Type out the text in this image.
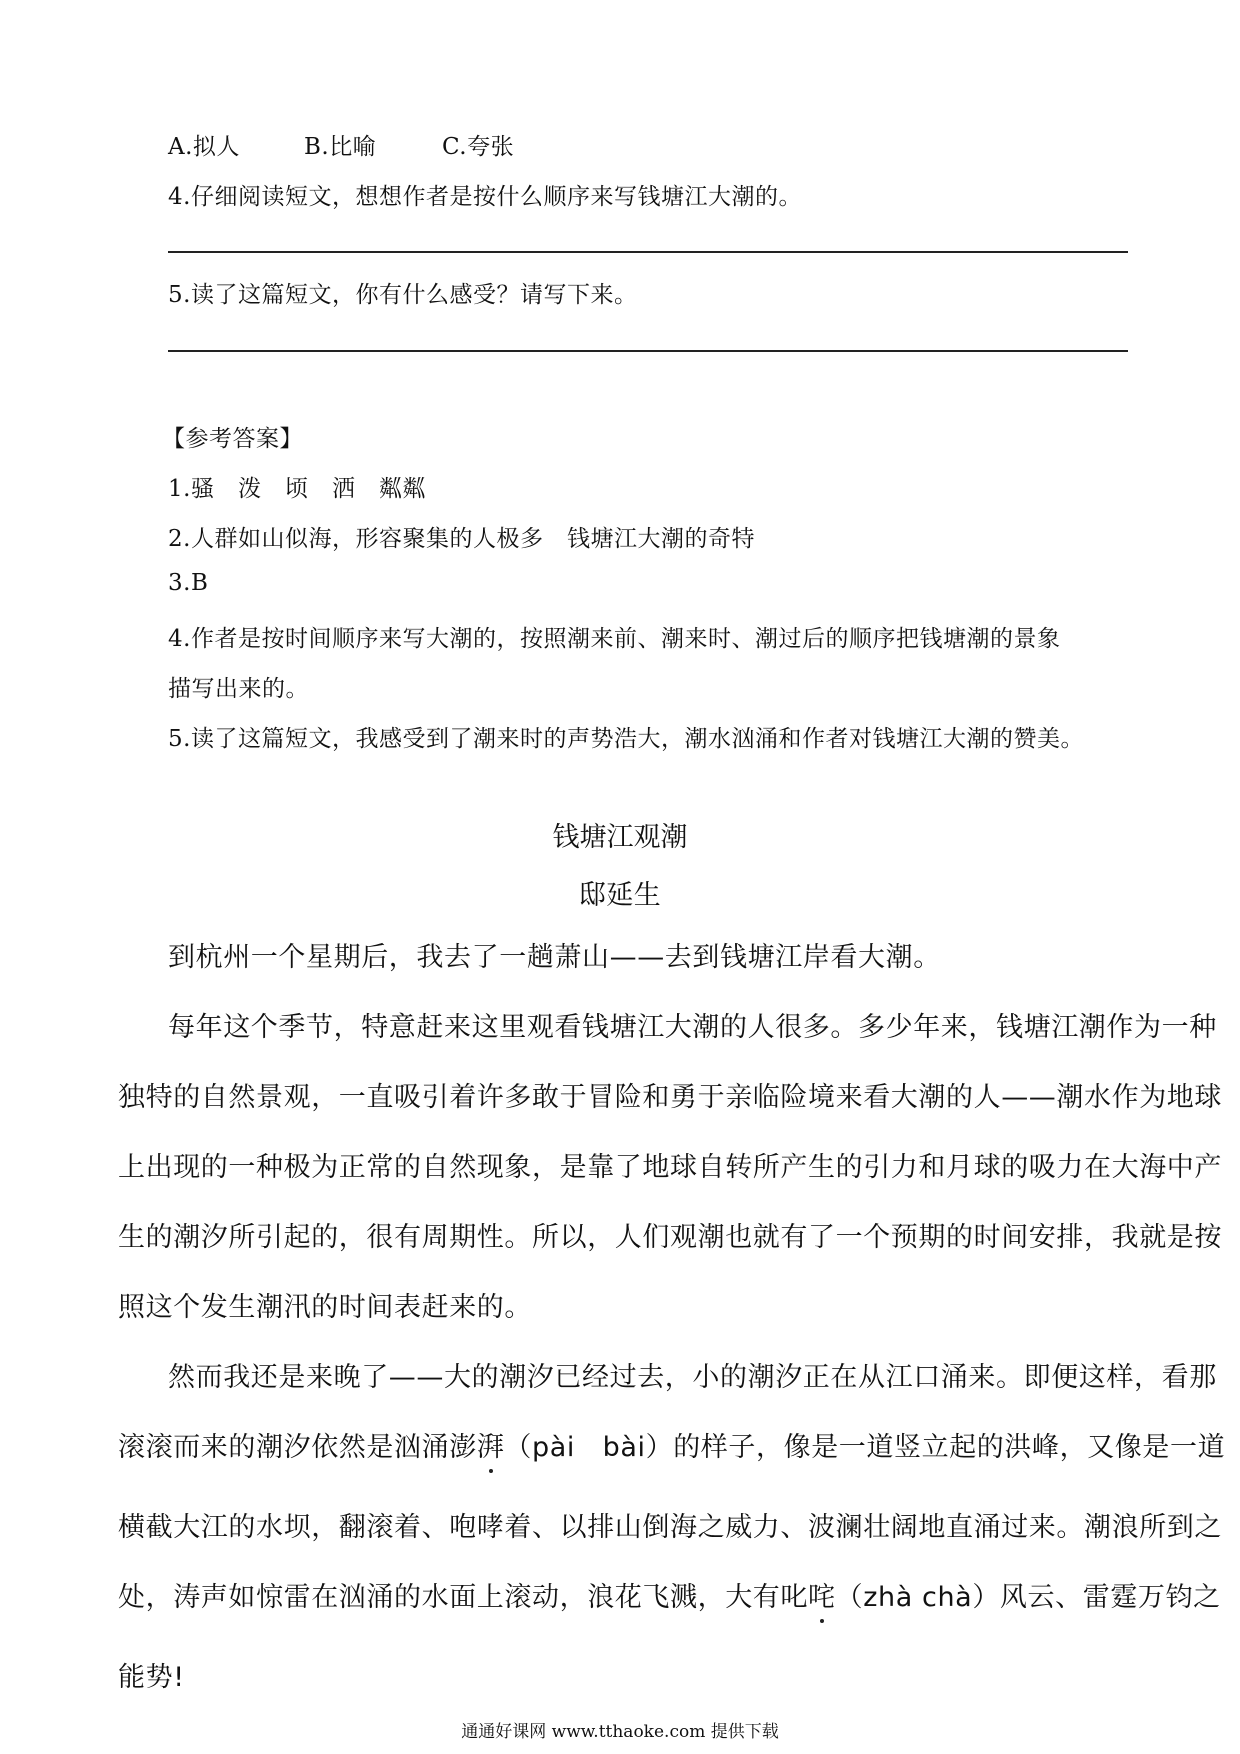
A.拟人	B.比喻	C.夸张
4.仔细阅读短文，想想作者是按什么顺序来写钱塘江大潮的。
5.读了这篇短文，你有什么感受？请写下来。
【参考答案】
1.骚　泼　顷　洒　粼粼
2.人群如山似海，形容聚集的人极多　钱塘江大潮的奇特
3.B
4.作者是按时间顺序来写大潮的，按照潮来前、潮来时、潮过后的顺序把钱塘潮的景象
描写出来的。
5.读了这篇短文，我感受到了潮来时的声势浩大，潮水汹涌和作者对钱塘江大潮的赞美。
钱塘江观潮
邸延生
到杭州一个星期后，我去了一趟萧山——去到钱塘江岸看大潮。
每年这个季节，特意赶来这里观看钱塘江大潮的人很多。多少年来，钱塘江潮作为一种
独特的自然景观，一直吸引着许多敢于冒险和勇于亲临险境来看大潮的人——潮水作为地球
上出现的一种极为正常的自然现象，是靠了地球自转所产生的引力和月球的吸力在大海中产
生的潮汐所引起的，很有周期性。所以，人们观潮也就有了一个预期的时间安排，我就是按
照这个发生潮汛的时间表赶来的。
然而我还是来晚了——大的潮汐已经过去，小的潮汐正在从江口涌来。即便这样，看那
滚滚而来的潮汐依然是汹涌澎湃（pài　bài）的样子，像是一道竖立起的洪峰，又像是一道
横截大江的水坝，翻滚着、咆哮着、以排山倒海之威力、波澜壮阔地直涌过来。潮浪所到之
处，涛声如惊雷在汹涌的水面上滚动，浪花飞溅，大有叱咤（zhà chà）风云、雷霆万钧之
能势!
通通好课网 www.tthaoke.com 提供下载
